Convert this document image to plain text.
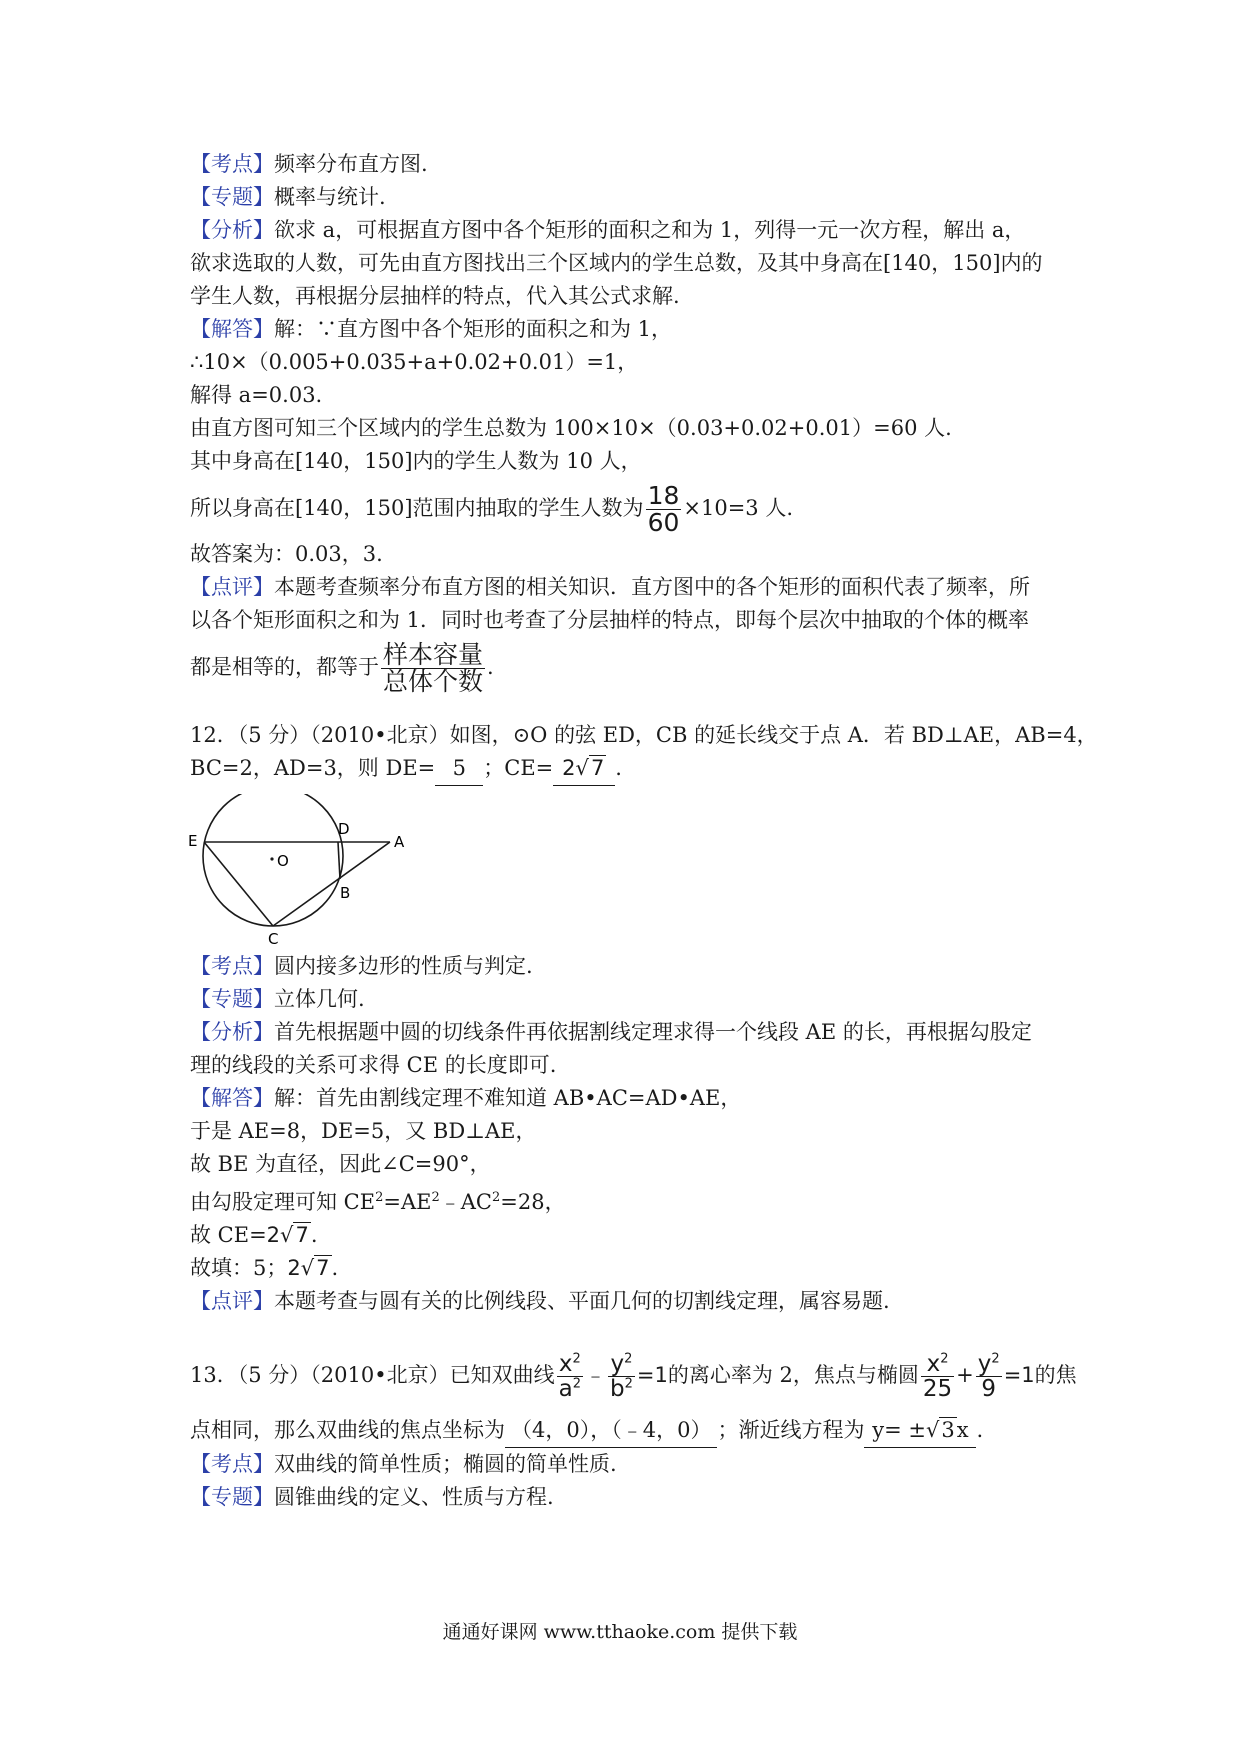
【考点】频率分布直方图.
【专题】概率与统计.
【分析】欲求 a，可根据直方图中各个矩形的面积之和为 1，列得一元一次方程，解出 a，
欲求选取的人数，可先由直方图找出三个区域内的学生总数，及其中身高在[140，150]内的
学生人数，再根据分层抽样的特点，代入其公式求解.
【解答】解：∵直方图中各个矩形的面积之和为 1，
∴10×（0.005+0.035+a+0.02+0.01）=1，
解得 a=0.03.
由直方图可知三个区域内的学生总数为 100×10×（0.03+0.02+0.01）=60 人.
其中身高在[140，150]内的学生人数为 10 人，
所以身高在[140，150]范围内抽取的学生人数为 $\frac{18}{60} \times 10=3$ 人.
故答案为：0.03，3.
【点评】本题考查频率分布直方图的相关知识．直方图中的各个矩形的面积代表了频率，所
以各个矩形面积之和为 1．同时也考查了分层抽样的特点，即每个层次中抽取的个体的概率
都是相等的，都等于 $\frac{\text{样本容量}}{\text{总体个数}}$ .
12．（5 分）（2010•北京）如图，⊙O 的弦 ED，CB 的延长线交于点 A．若 BD⊥AE，AB=4，
BC=2，AD=3，则 DE= 5 ；CE= 2√7 .
E
D
A
O
B
C
【考点】圆内接多边形的性质与判定.
【专题】立体几何.
【分析】首先根据题中圆的切线条件再依据割线定理求得一个线段 AE 的长，再根据勾股定
理的线段的关系可求得 CE 的长度即可.
【解答】解：首先由割线定理不难知道 AB•AC=AD•AE，
于是 AE=8，DE=5，又 BD⊥AE，
故 BE 为直径，因此∠C=90°，
由勾股定理可知 $CE^2=AE^2﹣AC^2=28$，
故 CE=2√7.
故填：5；2√7.
【点评】本题考查与圆有关的比例线段、平面几何的切割线定理，属容易题.
13．（5 分）（2010•北京）已知双曲线 $\frac{x^2}{a^2}$ ﹣ $\frac{y^2}{b^2} =1$的离心率为 2，焦点与椭圆 $\frac{x^2}{25} + \frac{y^2}{9} =1$的焦
点相同，那么双曲线的焦点坐标为 （4，0），（﹣4，0） ；渐近线方程为 y= ±√3x .
【考点】双曲线的简单性质；椭圆的简单性质.
【专题】圆锥曲线的定义、性质与方程.
通通好课网 www.tthaoke.com 提供下载
